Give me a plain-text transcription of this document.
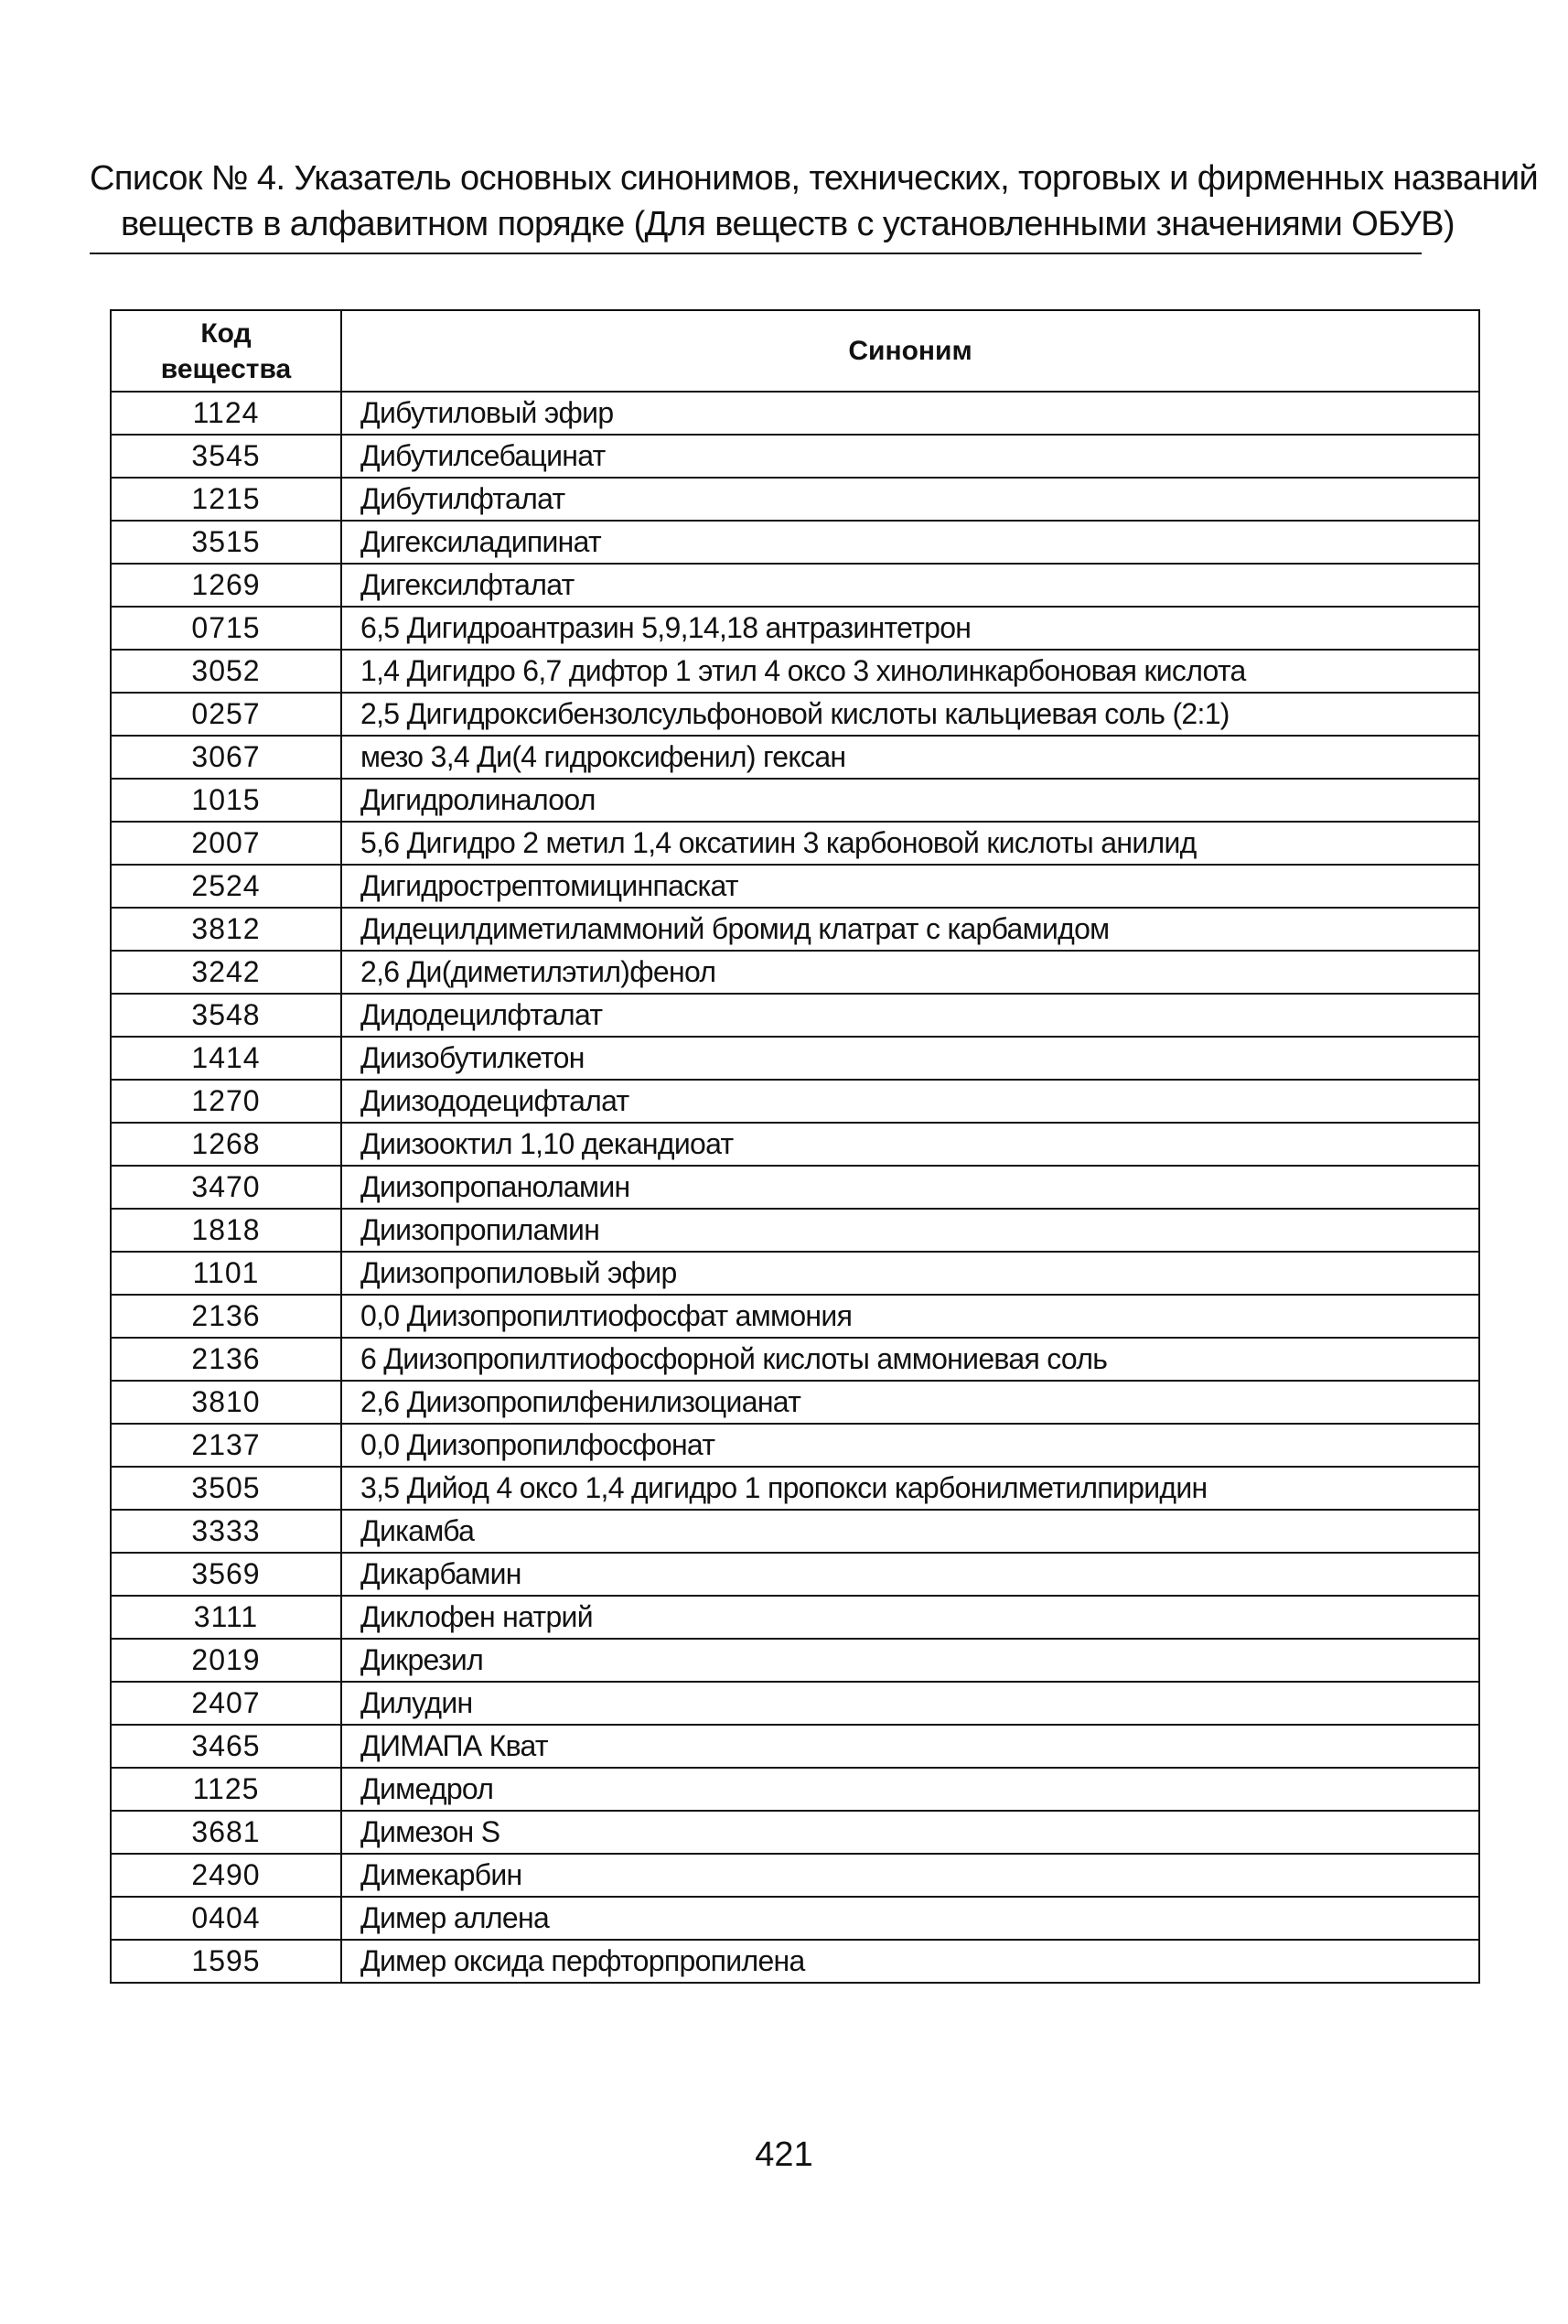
Список № 4. Указатель основных синонимов, технических, торговых и фирменных названий
веществ в алфавитном порядке (Для веществ с установленными значениями ОБУВ)
Код
вещества	Синоним
1124	Дибутиловый эфир
3545	Дибутилсебацинат
1215	Дибутилфталат
3515	Дигексиладипинат
1269	Дигексилфталат
0715	6,5 Дигидроантразин 5,9,14,18 антразинтетрон
3052	1,4 Дигидро 6,7 дифтор 1 этил 4 оксо 3 хинолинкарбоновая кислота
0257	2,5 Дигидроксибензолсульфоновой кислоты кальциевая соль (2:1)
3067	мезо 3,4 Ди(4 гидроксифенил) гексан
1015	Дигидролиналоол
2007	5,6 Дигидро 2 метил 1,4 оксатиин 3 карбоновой кислоты анилид
2524	Дигидрострептомицинпаскат
3812	Дидецилдиметиламмоний бромид клатрат с карбамидом
3242	2,6 Ди(диметилэтил)фенол
3548	Дидодецилфталат
1414	Диизобутилкетон
1270	Диизододецифталат
1268	Диизооктил 1,10 декандиоат
3470	Диизопропаноламин
1818	Диизопропиламин
1101	Диизопропиловый эфир
2136	0,0 Диизопропилтиофосфат аммония
2136	6 Диизопропилтиофосфорной кислоты аммониевая соль
3810	2,6 Диизопропилфенилизоцианат
2137	0,0 Диизопропилфосфонат
3505	3,5 Дийод 4 оксо 1,4 дигидро 1 пропокси карбонилметилпиридин
3333	Дикамба
3569	Дикарбамин
3111	Диклофен натрий
2019	Дикрезил
2407	Дилудин
3465	ДИМАПА Кват
1125	Димедрол
3681	Димезон S
2490	Димекарбин
0404	Димер аллена
1595	Димер оксида перфторпропилена
421
